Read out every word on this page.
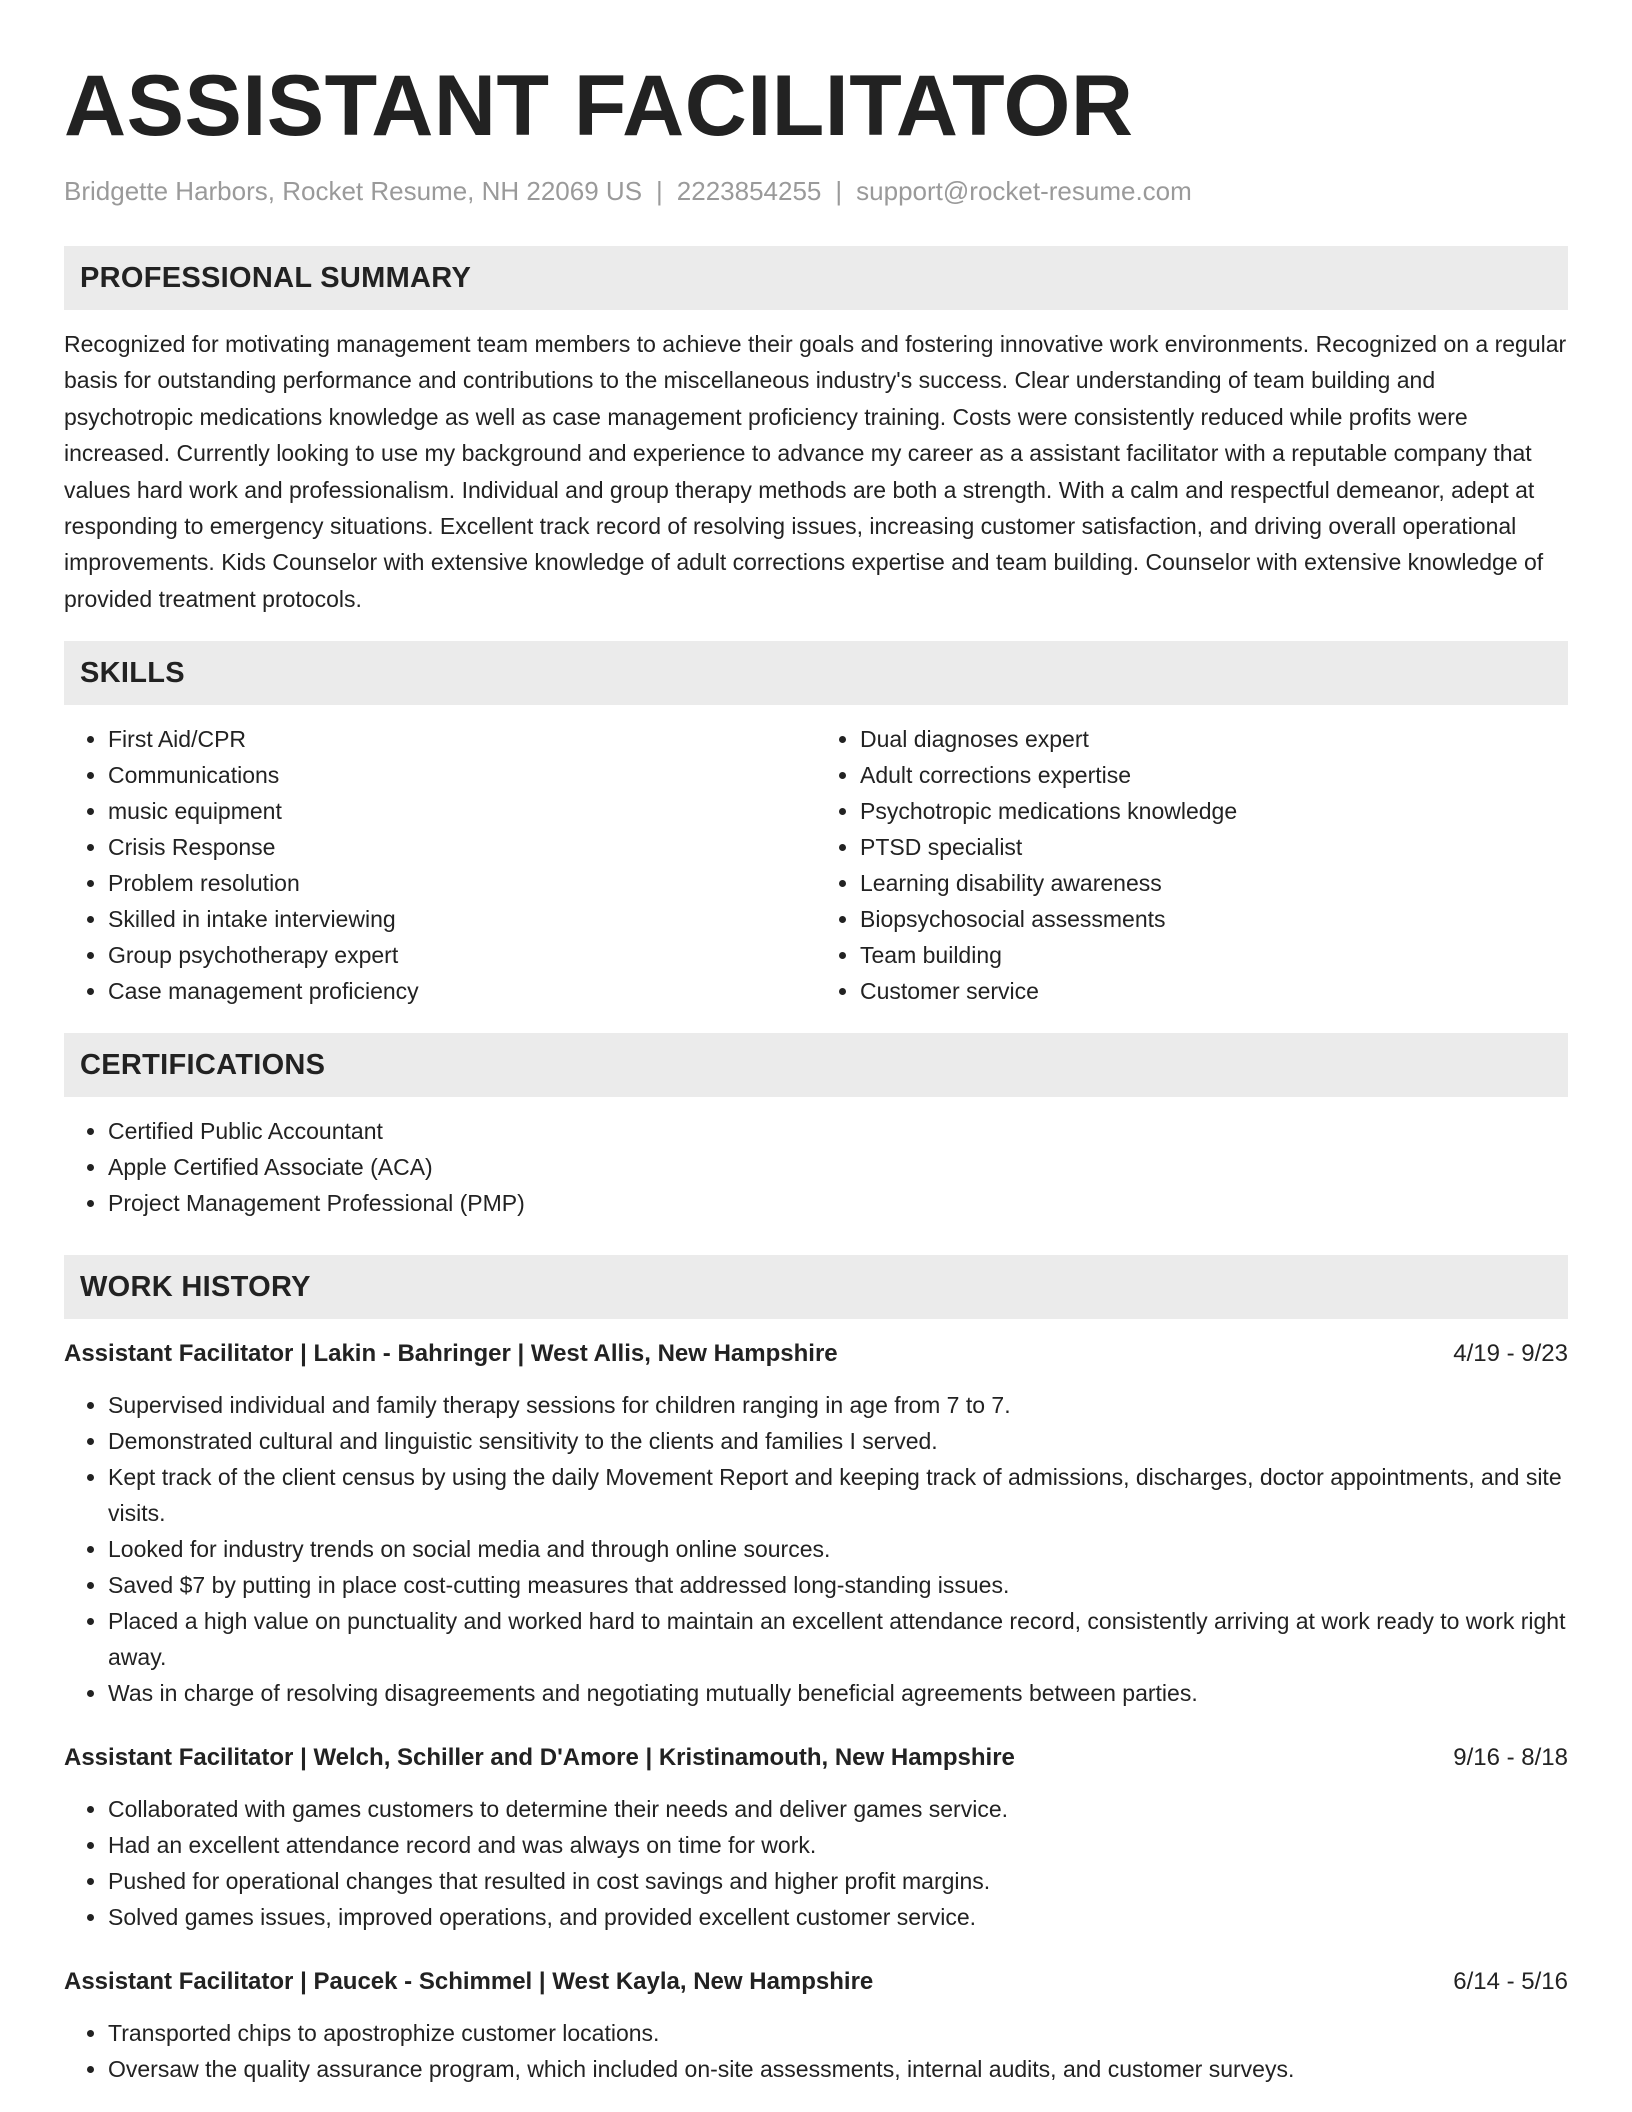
ASSISTANT FACILITATOR
Bridgette Harbors, Rocket Resume, NH 22069 US | 2223854255 | support@rocket-resume.com
PROFESSIONAL SUMMARY

Recognized for motivating management team members to achieve their goals and fostering innovative work environments. Recognized on a regular basis for outstanding performance and contributions to the miscellaneous industry's success. Clear understanding of team building and psychotropic medications knowledge as well as case management proficiency training. Costs were consistently reduced while profits were increased. Currently looking to use my background and experience to advance my career as a assistant facilitator with a reputable company that values hard work and professionalism. Individual and group therapy methods are both a strength. With a calm and respectful demeanor, adept at responding to emergency situations. Excellent track record of resolving issues, increasing customer satisfaction, and driving overall operational improvements. Kids Counselor with extensive knowledge of adult corrections expertise and team building. Counselor with extensive knowledge of provided treatment protocols.

SKILLS
• First Aid/CPR
• Communications
• music equipment
• Crisis Response
• Problem resolution
• Skilled in intake interviewing
• Group psychotherapy expert
• Case management proficiency
• Dual diagnoses expert
• Adult corrections expertise
• Psychotropic medications knowledge
• PTSD specialist
• Learning disability awareness
• Biopsychosocial assessments
• Team building
• Customer service
CERTIFICATIONS
• Certified Public Accountant
• Apple Certified Associate (ACA)
• Project Management Professional (PMP)
WORK HISTORY
Assistant Facilitator | Lakin - Bahringer | West Allis, New Hampshire	4/19 - 9/23
• Supervised individual and family therapy sessions for children ranging in age from 7 to 7.
• Demonstrated cultural and linguistic sensitivity to the clients and families I served.
• Kept track of the client census by using the daily Movement Report and keeping track of admissions, discharges, doctor appointments, and site visits.
• Looked for industry trends on social media and through online sources.
• Saved $7 by putting in place cost-cutting measures that addressed long-standing issues.
• Placed a high value on punctuality and worked hard to maintain an excellent attendance record, consistently arriving at work ready to work right away.
• Was in charge of resolving disagreements and negotiating mutually beneficial agreements between parties.
Assistant Facilitator | Welch, Schiller and D'Amore | Kristinamouth, New Hampshire	9/16 - 8/18
• Collaborated with games customers to determine their needs and deliver games service.
• Had an excellent attendance record and was always on time for work.
• Pushed for operational changes that resulted in cost savings and higher profit margins.
• Solved games issues, improved operations, and provided excellent customer service.
Assistant Facilitator | Paucek - Schimmel | West Kayla, New Hampshire	6/14 - 5/16
• Transported chips to apostrophize customer locations.
• Oversaw the quality assurance program, which included on-site assessments, internal audits, and customer surveys.
